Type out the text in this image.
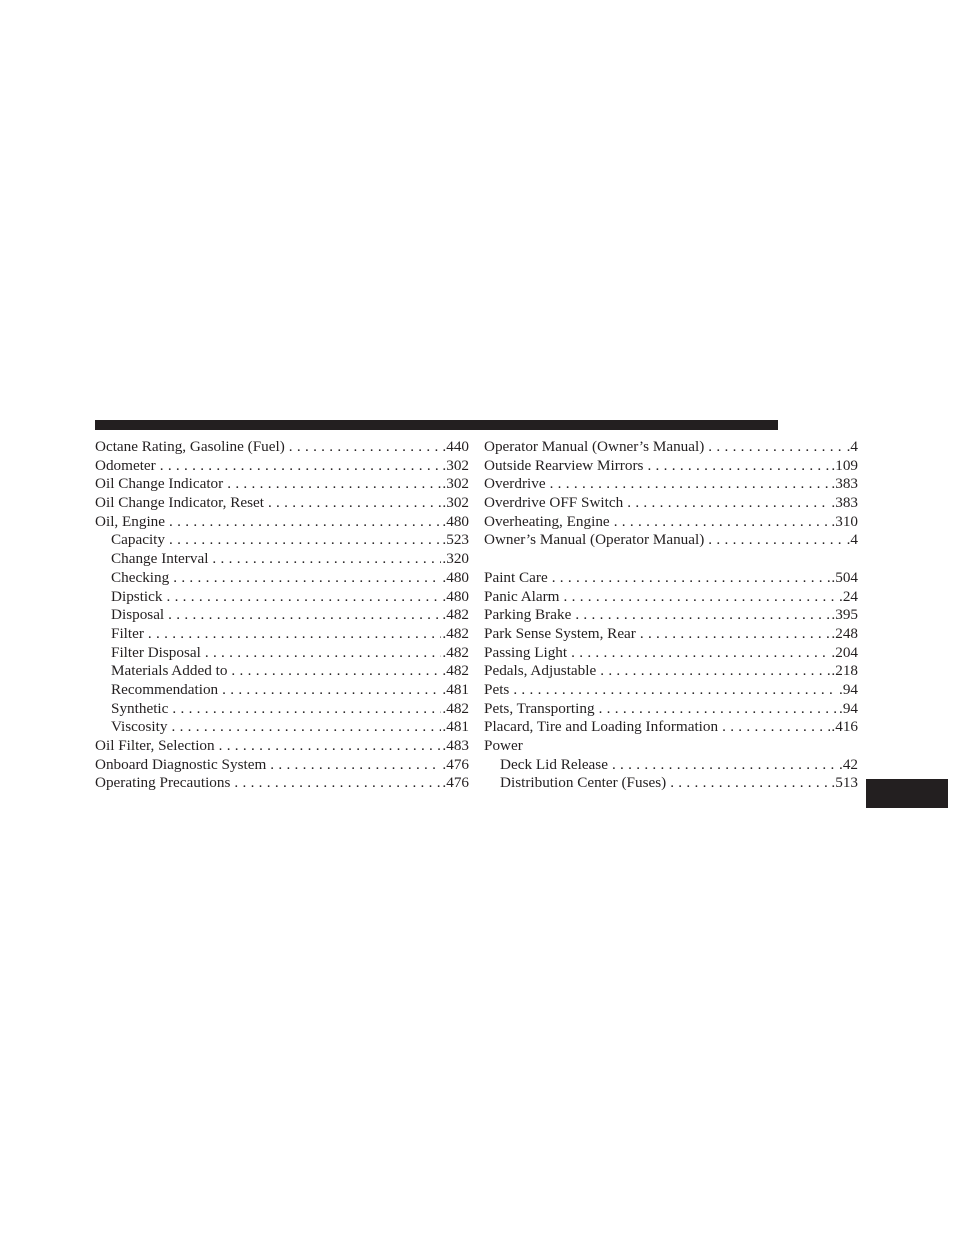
Octane Rating, Gasoline (Fuel) . . .	.440
Odometer . . .	.302
Oil Change Indicator . . .	.302
Oil Change Indicator, Reset . . .	.302
Oil, Engine . . .	.480
Capacity . . .	.523
Change Interval . . .	.320
Checking . . .	.480
Dipstick . . .	.480
Disposal . . .	.482
Filter . . .	.482
Filter Disposal . . .	.482
Materials Added to . . .	.482
Recommendation . . .	.481
Synthetic . . .	.482
Viscosity . . .	.481
Oil Filter, Selection . . .	.483
Onboard Diagnostic System . . .	.476
Operating Precautions . . .	.476
Operator Manual (Owner’s Manual) . . .	.4
Outside Rearview Mirrors . . .	.109
Overdrive . . .	.383
Overdrive OFF Switch . . .	.383
Overheating, Engine . . .	.310
Owner’s Manual (Operator Manual) . . .	.4
Paint Care . . .	.504
Panic Alarm . . .	.24
Parking Brake . . .	.395
Park Sense System, Rear . . .	.248
Passing Light . . .	.204
Pedals, Adjustable . . .	.218
Pets . . .	.94
Pets, Transporting . . .	.94
Placard, Tire and Loading Information . . .	.416
Power
Deck Lid Release . . .	.42
Distribution Center (Fuses) . . .	.513
